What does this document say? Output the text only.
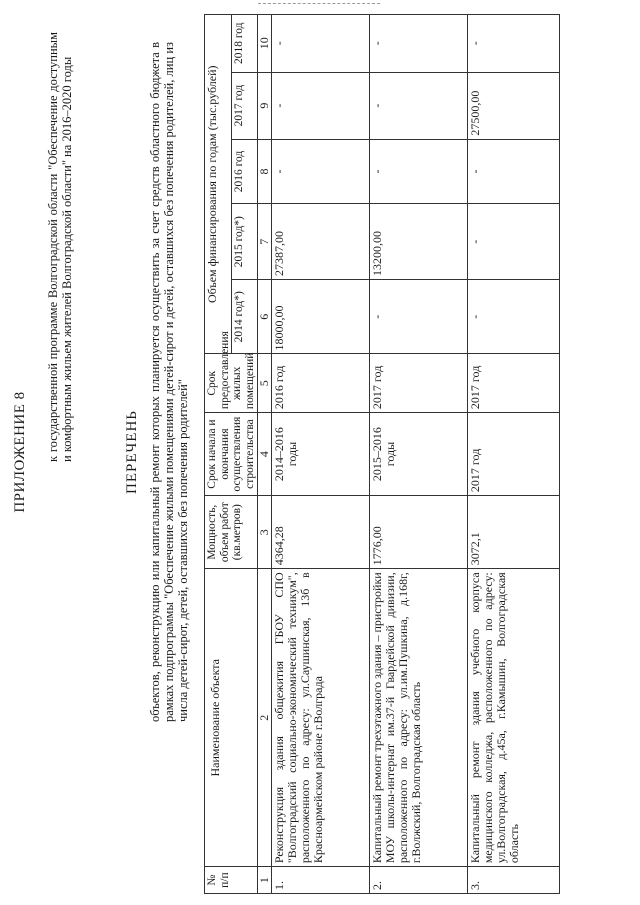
ПРИЛОЖЕНИЕ 8 к государственной программе Волгоградской области "Обеспечение доступным и комфортным жильем жителей Волгоградской области" на 2016–2020 годы	ПЕРЕЧЕНЬ объектов, реконструкцию или капитальный ремонт которых планируется осуществить за счет средств областного бюджета в рамках подпрограммы "Обеспечение жилыми помещениями детей-сирот и детей, оставшихся без попечения родителей, лиц из числа детей-сирот, детей, оставшихся без попечения родителей"
№ п/п	Наименование объекта	Мощность, объем работ (кв.метров)	Срок начала и окончания осуществления строительства	Срок предоставления жилых помещений	Объем финансирования по годам (тыс.рублей)				
					2014 год*)	2015 год*)	2016 год	2017 год	2018 год
1	2	3	4	5	6	7	8	9	10
1.	Реконструкция здания общежития ГБОУ СПО "Волгоградский социально-экономический техникум", расположенного по адресу: ул.Саушинская, 13б в Красноармейском районе г.Волграда	4364,28	2014–2016 годы	2016 год	18000,00	27387,00	-	-	-
2.	Капитальный ремонт трехэтажного здания – пристройки МОУ школы-интернат им.37-й Гвардейской дивизии, расположенного по адресу: ул.им.Пушкина, д.168г, г.Волжский, Волгоградская область	1776,00	2015–2016 годы	2017 год	-	13200,00	-	-	-
3.	Капитальный ремонт здания учебного корпуса медицинского колледжа, расположенного по адресу: ул.Волгоградская, д.45а, г.Камышин, Волгоградская область	3072,1	2017 год	2017 год	-	-	-	27500,00	-
